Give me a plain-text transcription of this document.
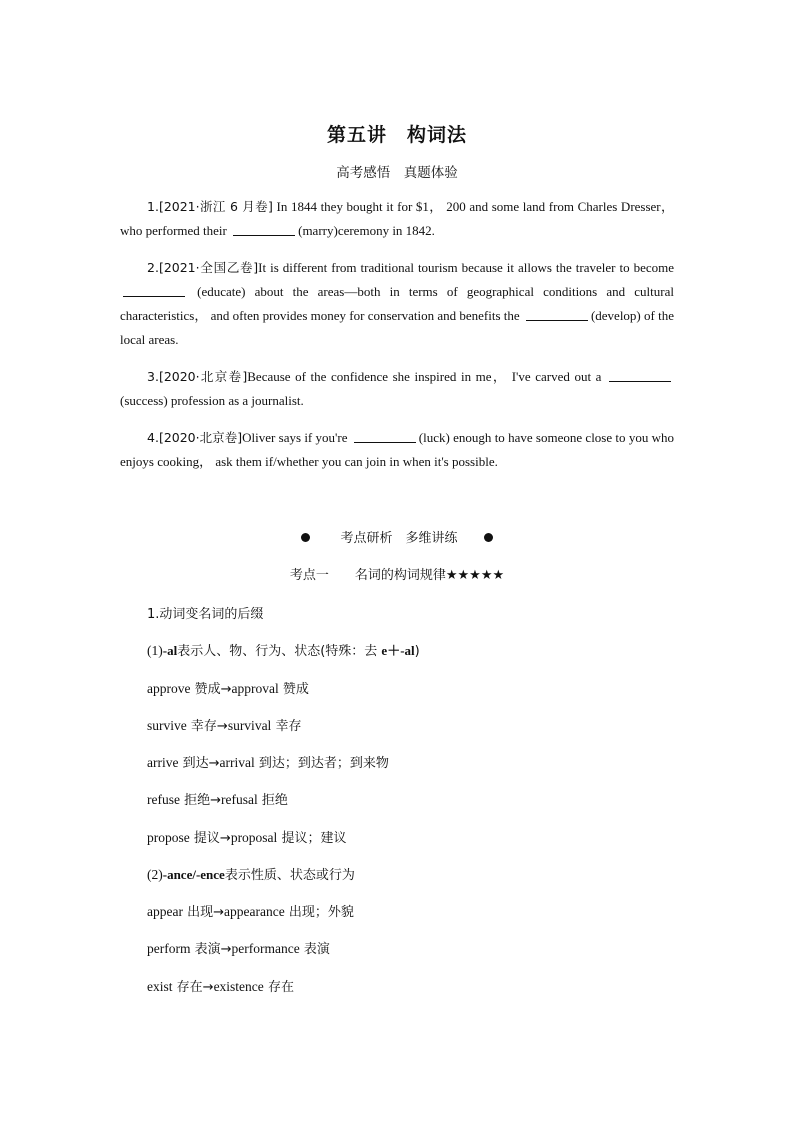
第五讲　构词法
高考感悟　真题体验
1.[2021·浙江 6 月卷] In 1844 they bought it for $1， 200 and some land from Charles Dresser， who performed their	(marry)ceremony in 1842.
2.[2021·全国乙卷]It is different from traditional tourism because it allows the traveler to become  (educate) about the areas—both in terms of geographical conditions and cultural characteristics， and often provides money for conservation and benefits the	(develop) of the local areas.
3.[2020·北京卷]Because of the confidence she inspired in me， I've carved out a (success) profession as a journalist.
4.[2020·北京卷]Oliver says if you're	(luck) enough to have someone close to you who enjoys cooking， ask them if/whether you can join in when it's possible.
考点研析　多维讲练
考点一 名词的构词规律★★★★★
1.动词变名词的后缀
(1)-al表示人、物、行为、状态(特殊：去 e＋-al)
approve 赞成→approval 赞成
survive 幸存→survival 幸存
arrive 到达→arrival 到达；到达者；到来物
refuse 拒绝→refusal 拒绝
propose 提议→proposal 提议；建议
(2)-ance/-ence表示性质、状态或行为
appear 出现→appearance 出现；外貌
perform 表演→performance 表演
exist 存在→existence 存在
